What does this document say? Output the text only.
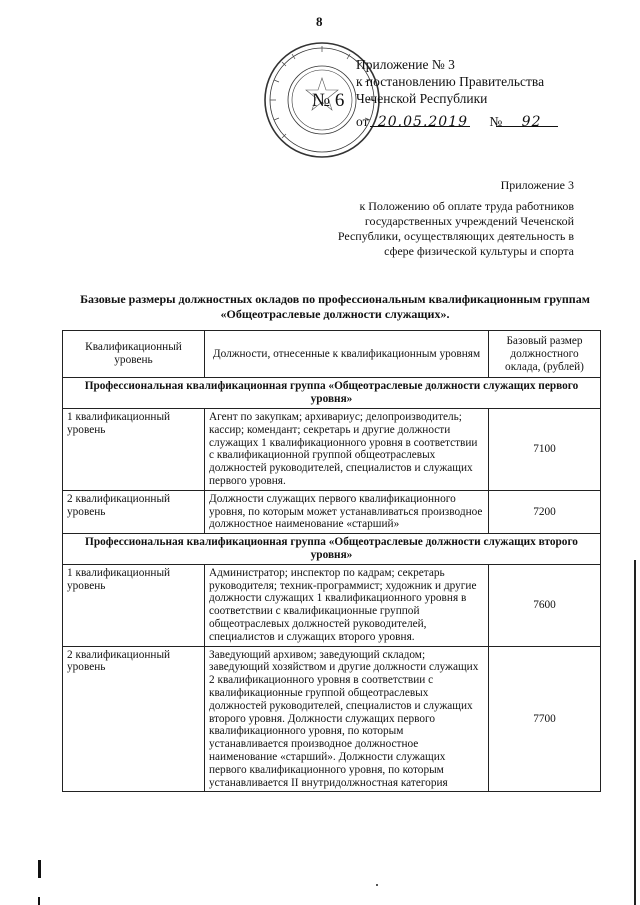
8
Приложение № 3
к постановлению Правительства
Чеченской Республики
от 20.05.2019 № 92
№ 6
Приложение 3
к Положению об оплате труда работников государственных учреждений Чеченской Республики, осуществляющих деятельность в сфере физической культуры и спорта
Базовые размеры должностных окладов по профессиональным квалификационным группам «Общеотраслевые должности служащих».
Квалификационный уровень	Должности, отнесенные к квалификационным уровням	Базовый размер должностного оклада, (рублей)
Профессиональная квалификационная группа «Общеотраслевые должности служащих первого уровня»		
1 квалификационный уровень	Агент по закупкам; архивариус; делопроизводитель; кассир; комендант; секретарь и другие должности служащих 1 квалификационного уровня в соответствии с квалификационной группой общеотраслевых должностей руководителей, специалистов и служащих первого уровня.	7100
2 квалификационный уровень	Должности служащих первого квалификационного уровня, по которым может устанавливаться производное должностное наименование «старший»	7200
Профессиональная квалификационная группа «Общеотраслевые должности служащих второго уровня»		
1 квалификационный уровень	Администратор; инспектор по кадрам; секретарь руководителя; техник-программист; художник и другие должности служащих 1 квалификационного уровня в соответствии с квалификационные группой общеотраслевых должностей руководителей, специалистов и служащих второго уровня.	7600
2 квалификационный уровень	Заведующий архивом; заведующий складом; заведующий хозяйством и другие должности служащих 2 квалификационного уровня в соответствии с квалификационные группой общеотраслевых должностей руководителей, специалистов и служащих второго уровня. Должности служащих первого квалификационного уровня, по которым устанавливается производное должностное наименование «старший». Должности служащих первого квалификационного уровня, по которым устанавливается II внутридолжностная категория	7700
